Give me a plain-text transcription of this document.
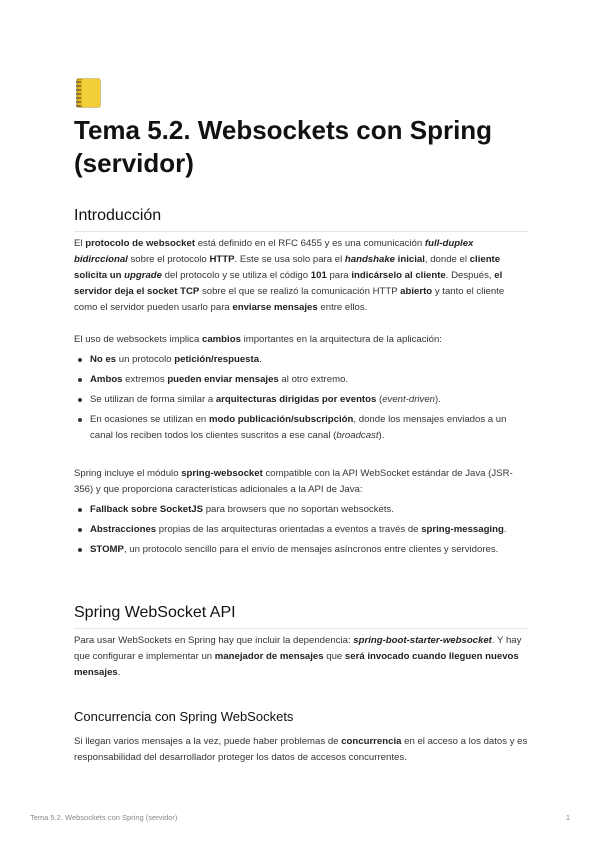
Tema 5.2. Websockets con Spring (servidor)
Introducción

El protocolo de websocket está definido en el RFC 6455 y es una comunicación full-duplex bidirccional sobre el protocolo HTTP. Este se usa solo para el handshake inicial, donde el cliente solicita un upgrade del protocolo y se utiliza el código 101 para indicárselo al cliente. Después, el servidor deja el socket TCP sobre el que se realizó la comunicación HTTP abierto y tanto el cliente como el servidor pueden usarlo para enviarse mensajes entre ellos.

El uso de websockets implica cambios importantes en la arquitectura de la aplicación:

No es un protocolo petición/respuesta.
Ambos extremos pueden enviar mensajes al otro extremo.
Se utilizan de forma similar a arquitecturas dirigidas por eventos (event-driven).
En ocasiones se utilizan en modo publicación/subscripción, donde los mensajes enviados a un canal los reciben todos los clientes suscritos a ese canal (broadcast).

Spring incluye el módulo spring-websocket compatible con la API WebSocket estándar de Java (JSR-356) y que proporciona características adicionales a la API de Java:

Fallback sobre SocketJS para browsers que no soportan websockets.
Abstracciones propias de las arquitecturas orientadas a eventos a través de spring-messaging.
STOMP, un protocolo sencillo para el envío de mensajes asíncronos entre clientes y servidores.
Spring WebSocket API

Para usar WebSockets en Spring hay que incluir la dependencia: spring-boot-starter-websocket. Y hay que configurar e implementar un manejador de mensajes que será invocado cuando lleguen nuevos mensajes.

Concurrencia con Spring WebSockets

Si llegan varios mensajes a la vez, puede haber problemas de concurrencia en el acceso a los datos y es responsabilidad del desarrollador proteger los datos de accesos concurrentes.

Tema 5.2. Websockets con Spring (servidor)	1
